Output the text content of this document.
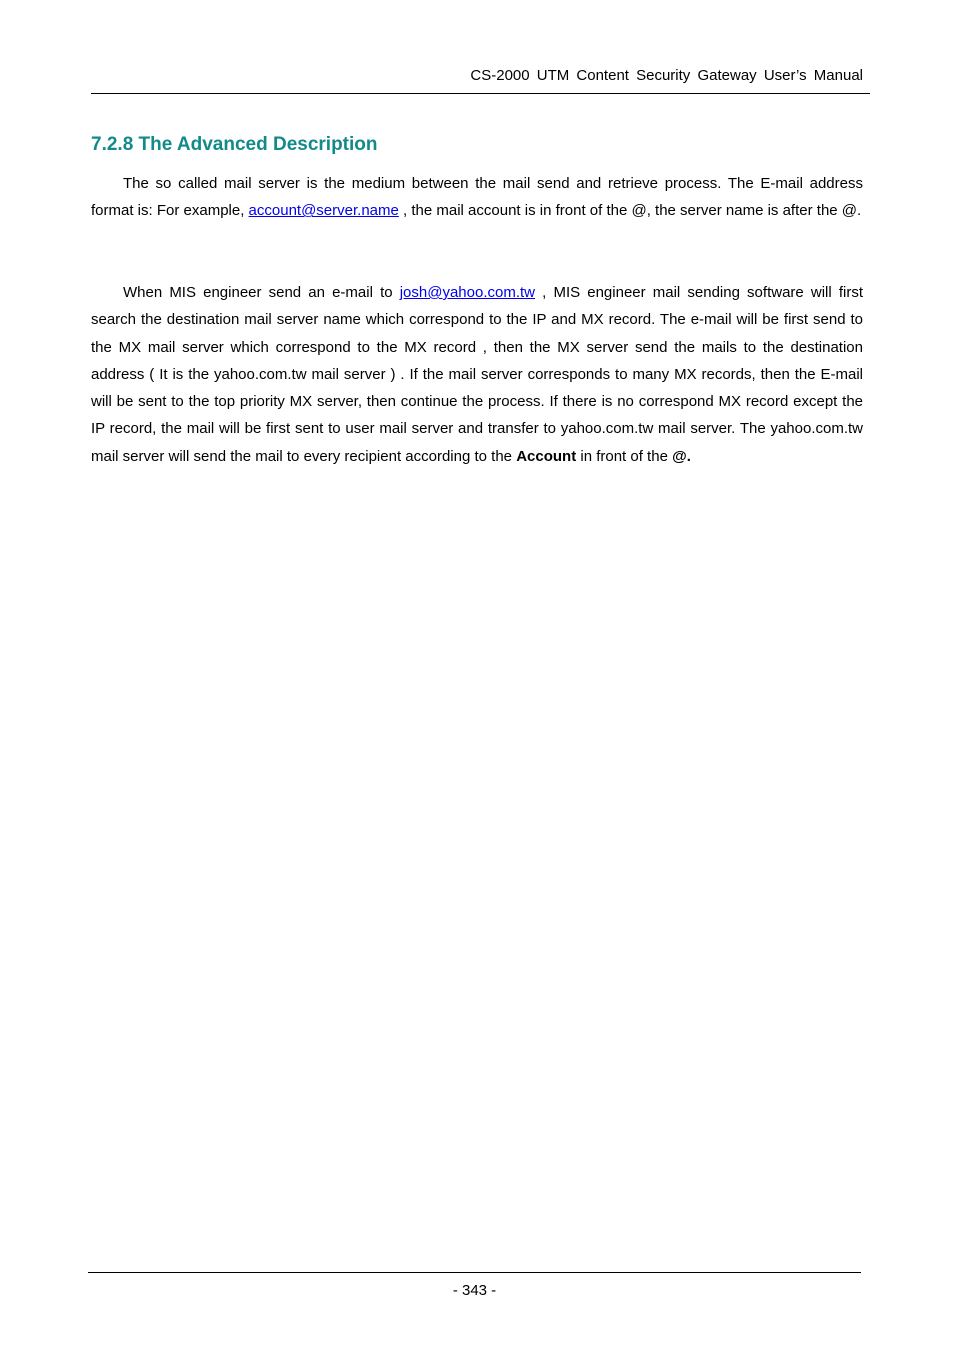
CS-2000 UTM Content Security Gateway User’s Manual
7.2.8 The Advanced Description

The so called mail server is the medium between the mail send and retrieve process. The E-mail address format is: For example, account@server.name , the mail account is in front of the @, the server name is after the @.

When MIS engineer send an e-mail to josh@yahoo.com.tw , MIS engineer mail sending software will first search the destination mail server name which correspond to the IP and MX record. The e-mail will be first send to the MX mail server which correspond to the MX record , then the MX server send the mails to the destination address ( It is the yahoo.com.tw mail server ) . If the mail server corresponds to many MX records, then the E-mail will be sent to the top priority MX server, then continue the process. If there is no correspond MX record except the IP record, the mail will be first sent to user mail server and transfer to yahoo.com.tw mail server. The yahoo.com.tw mail server will send the mail to every recipient according to the Account in front of the @.

- 343 -
